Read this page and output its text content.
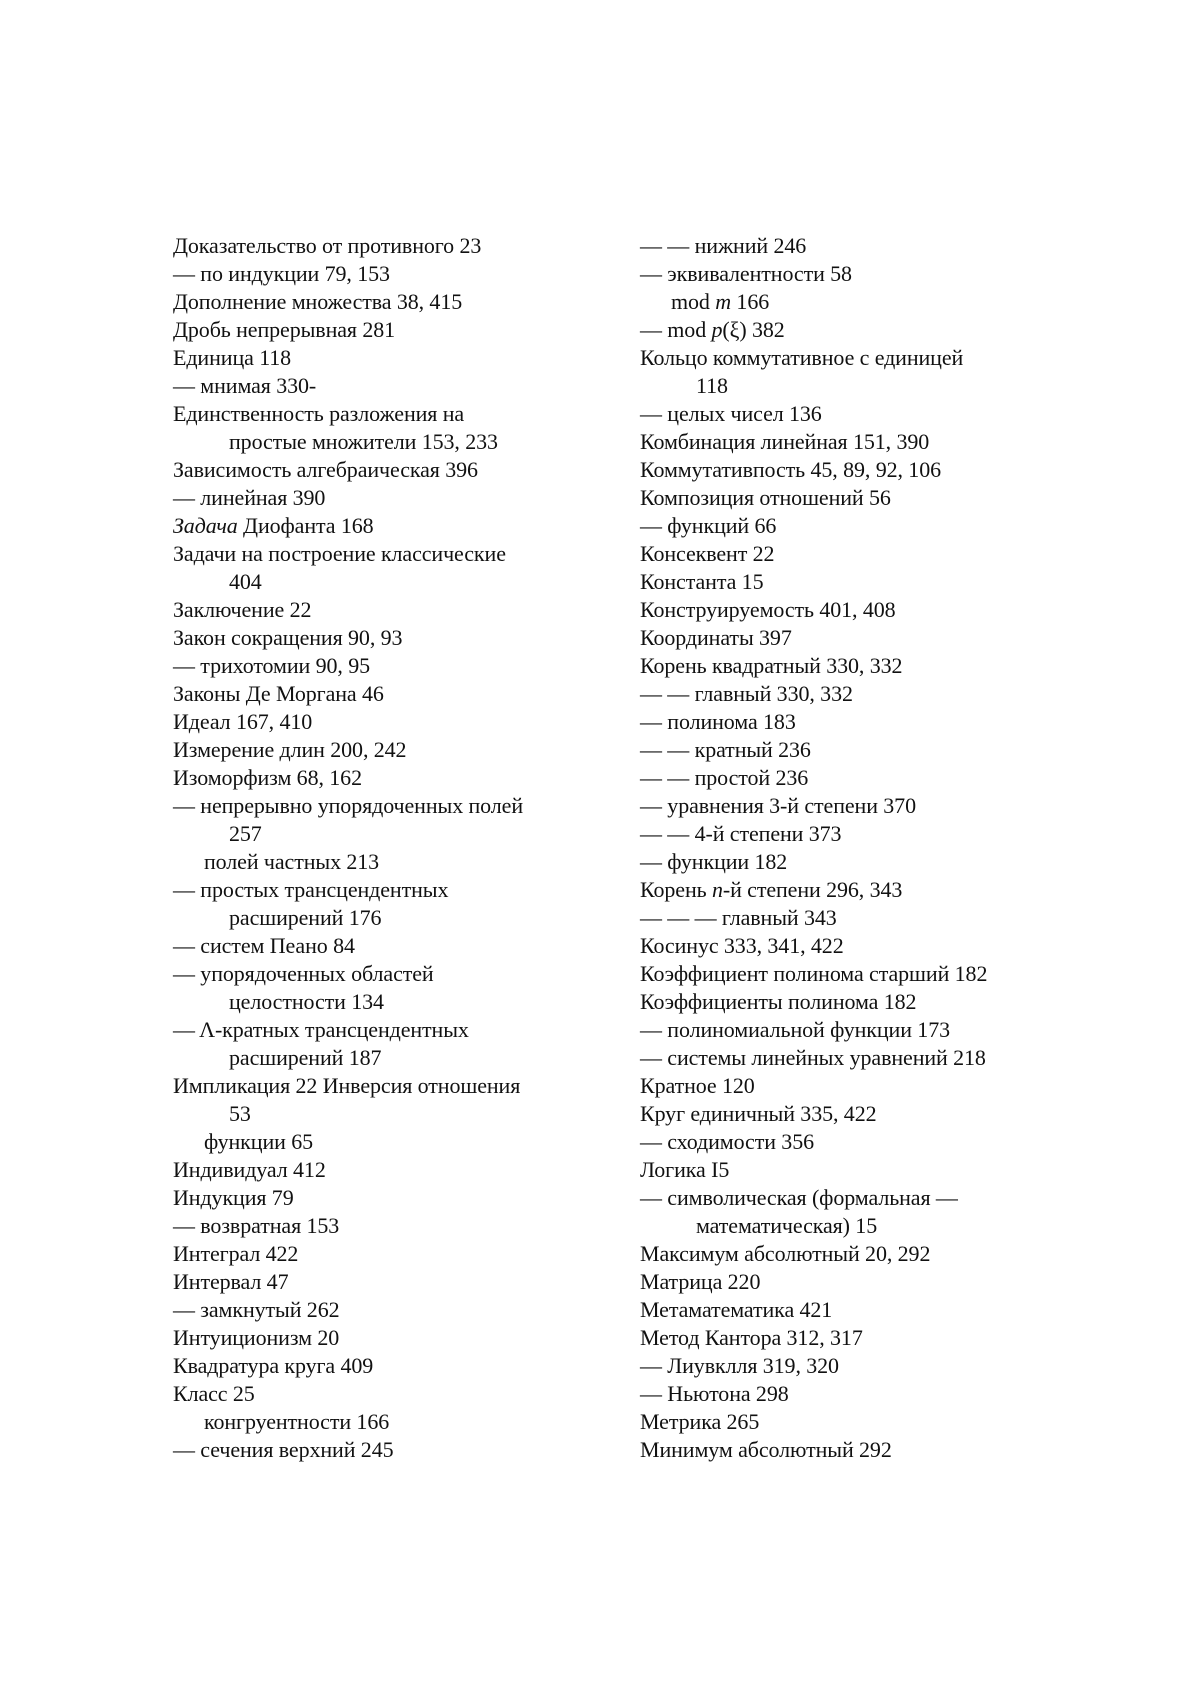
Доказательство от противного 23
— по индукции 79, 153
Дополнение множества 38, 415
Дробь непрерывная 281
Единица 118
— мнимая 330-
Единственность разложения на
простые множители 153, 233
Зависимость алгебраическая 396
— линейная 390
Задача Диофанта 168
Задачи на построение классические
404
Заключение 22
Закон сокращения 90, 93
— трихотомии 90, 95
Законы Де Моргана 46
Идеал 167, 410
Измерение длин 200, 242
Изоморфизм 68, 162
— непрерывно упорядоченных полей
257
полей частных 213
— простых трансцендентных
расширений 176
— систем Пеано 84
— упорядоченных областей
целостности 134
— Λ-кратных трансцендентных
расширений 187
Импликация 22 Инверсия отношения
53
функции 65
Индивидуал 412
Индукция 79
— возвратная 153
Интеграл 422
Интервал 47
— замкнутый 262
Интуиционизм 20
Квадратура круга 409
Класс 25
конгруентности 166
— сечения верхний 245
— — нижний 246
— эквивалентности 58
mod m 166
— mod p(ξ) 382
Кольцо коммутативное с единицей
118
— целых чисел 136
Комбинация линейная 151, 390
Коммутативпость 45, 89, 92, 106
Композиция отношений 56
— функций 66
Консеквент 22
Константа 15
Конструируемость 401, 408
Координаты 397
Корень квадратный 330, 332
— — главный 330, 332
— полинома 183
— — кратный 236
— — простой 236
— уравнения 3-й степени 370
— — 4-й степени 373
— функции 182
Корень n-й степени 296, 343
— — — главный 343
Косинус 333, 341, 422
Коэффициент полинома старший 182
Коэффициенты полинома 182
— полиномиальной функции 173
— системы линейных уравнений 218
Кратное 120
Круг единичный 335, 422
— сходимости 356
Логика I5
— символическая (формальная —
математическая) 15
Максимум абсолютный 20, 292
Матрица 220
Метаматематика 421
Метод Кантора 312, 317
— Лиувклля 319, 320
— Ньютона 298
Метрика 265
Минимум абсолютный 292
